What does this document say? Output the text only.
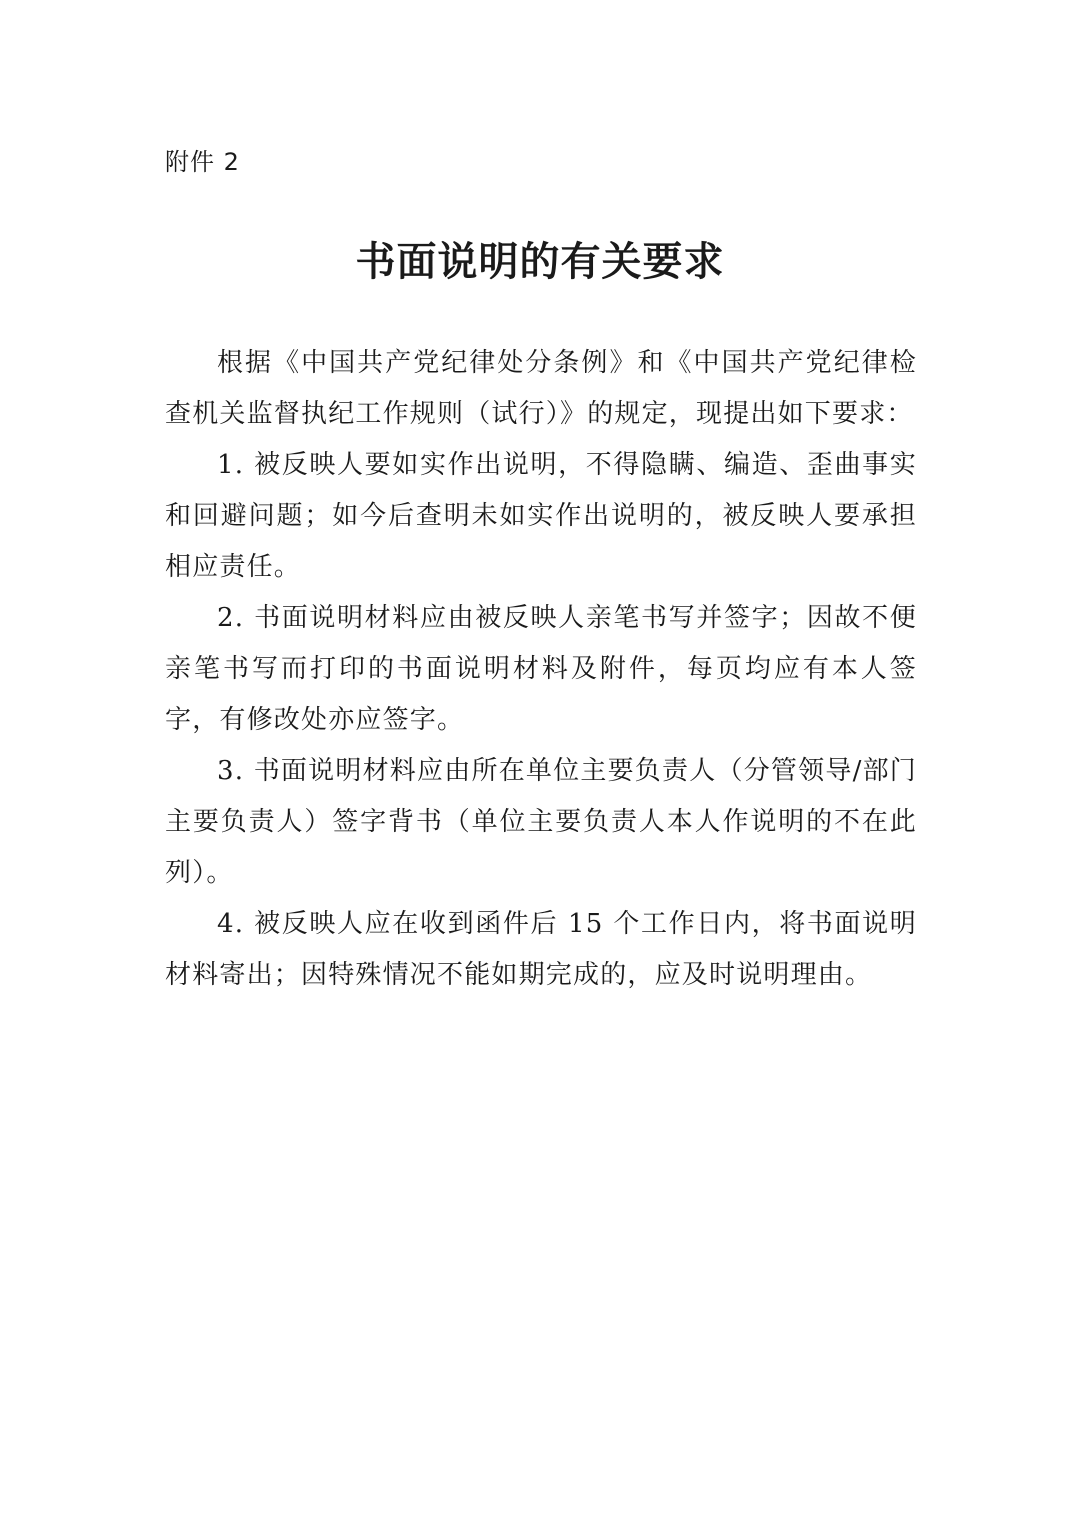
附件 2
书面说明的有关要求

根据《中国共产党纪律处分条例》和《中国共产党纪律检查机关监督执纪工作规则（试行）》的规定，现提出如下要求：

1. 被反映人要如实作出说明，不得隐瞒、编造、歪曲事实和回避问题；如今后查明未如实作出说明的，被反映人要承担相应责任。

2. 书面说明材料应由被反映人亲笔书写并签字；因故不便亲笔书写而打印的书面说明材料及附件，每页均应有本人签字，有修改处亦应签字。

3. 书面说明材料应由所在单位主要负责人（分管领导/部门主要负责人）签字背书（单位主要负责人本人作说明的不在此列）。

4. 被反映人应在收到函件后 15 个工作日内，将书面说明材料寄出；因特殊情况不能如期完成的，应及时说明理由。
